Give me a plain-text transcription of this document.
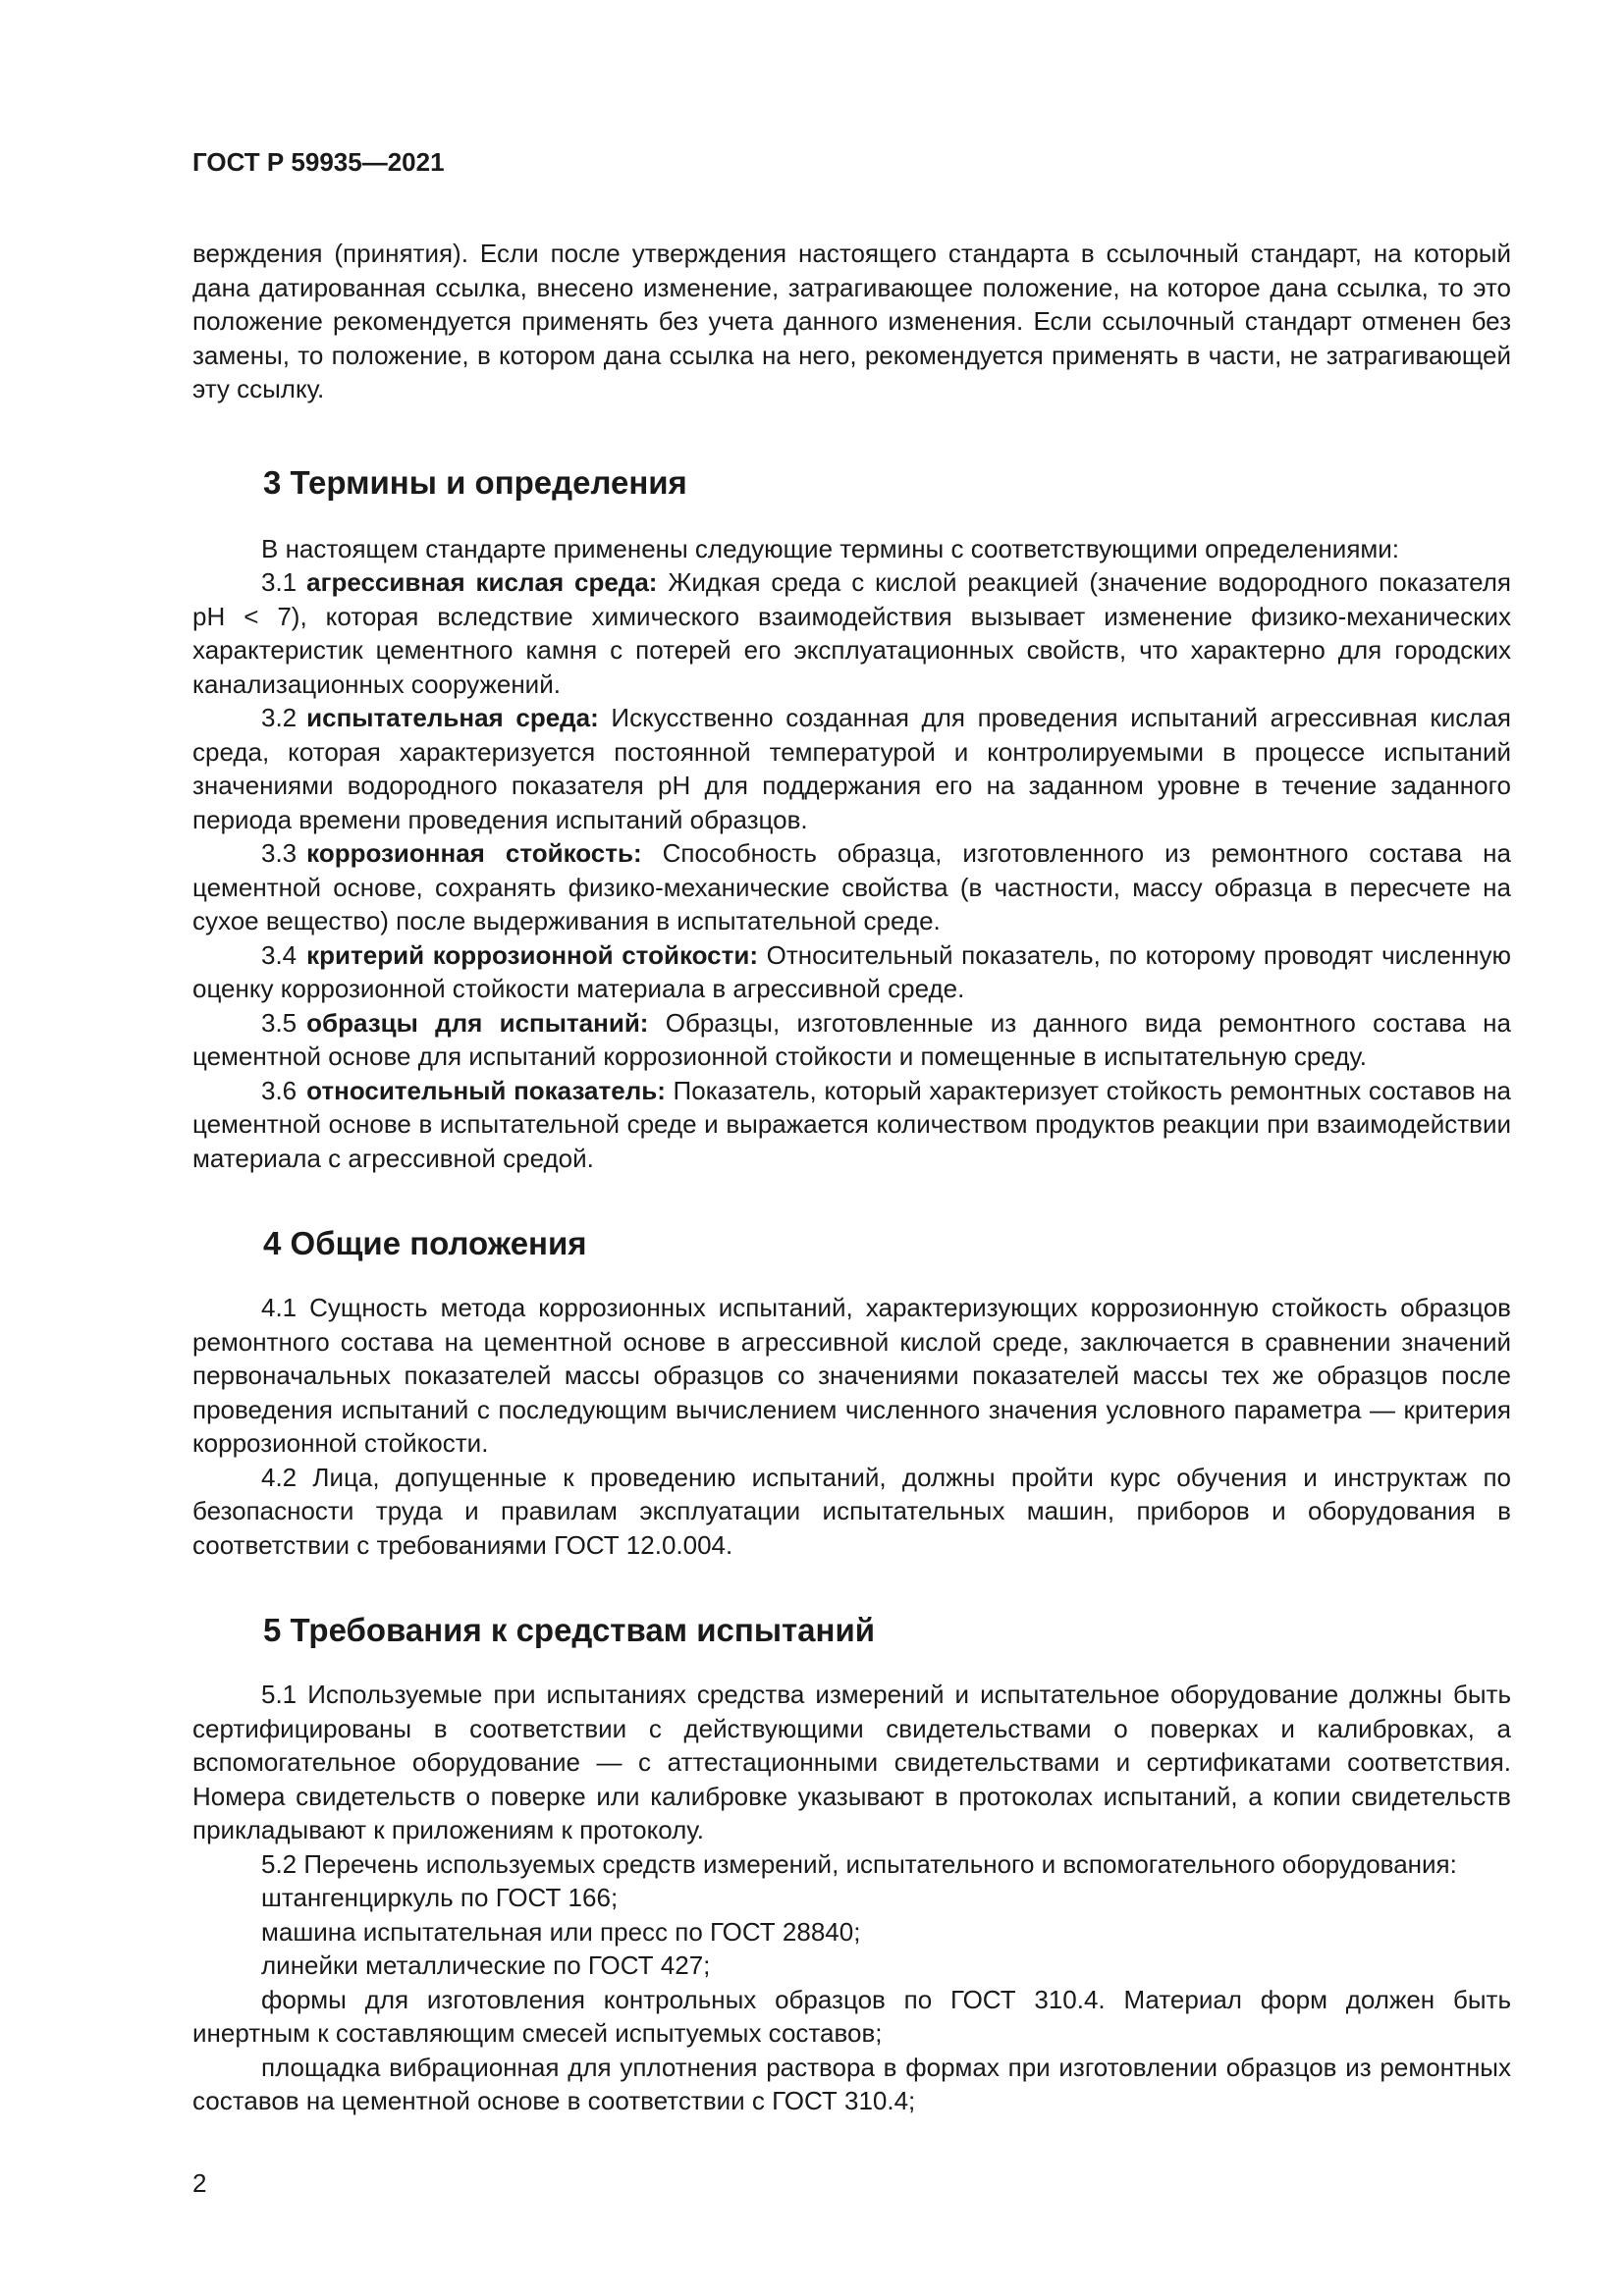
ГОСТ Р 59935—2021

верждения (принятия). Если после утверждения настоящего стандарта в ссылочный стандарт, на который дана датированная ссылка, внесено изменение, затрагивающее положение, на которое дана ссылка, то это положение рекомендуется применять без учета данного изменения. Если ссылочный стандарт отменен без замены, то положение, в котором дана ссылка на него, рекомендуется применять в части, не затрагивающей эту ссылку.

3 Термины и определения

В настоящем стандарте применены следующие термины с соответствующими определениями:

3.1 агрессивная кислая среда: Жидкая среда с кислой реакцией (значение водородного показателя pH < 7), которая вследствие химического взаимодействия вызывает изменение физико-механических характеристик цементного камня с потерей его эксплуатационных свойств, что характерно для городских канализационных сооружений.

3.2 испытательная среда: Искусственно созданная для проведения испытаний агрессивная кислая среда, которая характеризуется постоянной температурой и контролируемыми в процессе испытаний значениями водородного показателя pH для поддержания его на заданном уровне в течение заданного периода времени проведения испытаний образцов.

3.3 коррозионная стойкость: Способность образца, изготовленного из ремонтного состава на цементной основе, сохранять физико-механические свойства (в частности, массу образца в пересчете на сухое вещество) после выдерживания в испытательной среде.

3.4 критерий коррозионной стойкости: Относительный показатель, по которому проводят численную оценку коррозионной стойкости материала в агрессивной среде.

3.5 образцы для испытаний: Образцы, изготовленные из данного вида ремонтного состава на цементной основе для испытаний коррозионной стойкости и помещенные в испытательную среду.

3.6 относительный показатель: Показатель, который характеризует стойкость ремонтных составов на цементной основе в испытательной среде и выражается количеством продуктов реакции при взаимодействии материала с агрессивной средой.

4 Общие положения

4.1 Сущность метода коррозионных испытаний, характеризующих коррозионную стойкость образцов ремонтного состава на цементной основе в агрессивной кислой среде, заключается в сравнении значений первоначальных показателей массы образцов со значениями показателей массы тех же образцов после проведения испытаний с последующим вычислением численного значения условного параметра — критерия коррозионной стойкости.

4.2 Лица, допущенные к проведению испытаний, должны пройти курс обучения и инструктаж по безопасности труда и правилам эксплуатации испытательных машин, приборов и оборудования в соответствии с требованиями ГОСТ 12.0.004.

5 Требования к средствам испытаний

5.1 Используемые при испытаниях средства измерений и испытательное оборудование должны быть сертифицированы в соответствии с действующими свидетельствами о поверках и калибровках, а вспомогательное оборудование — с аттестационными свидетельствами и сертификатами соответствия. Номера свидетельств о поверке или калибровке указывают в протоколах испытаний, а копии свидетельств прикладывают к приложениям к протоколу.

5.2 Перечень используемых средств измерений, испытательного и вспомогательного оборудования:

штангенциркуль по ГОСТ 166;

машина испытательная или пресс по ГОСТ 28840;

линейки металлические по ГОСТ 427;

формы для изготовления контрольных образцов по ГОСТ 310.4. Материал форм должен быть инертным к составляющим смесей испытуемых составов;

площадка вибрационная для уплотнения раствора в формах при изготовлении образцов из ремонтных составов на цементной основе в соответствии с ГОСТ 310.4;

2
